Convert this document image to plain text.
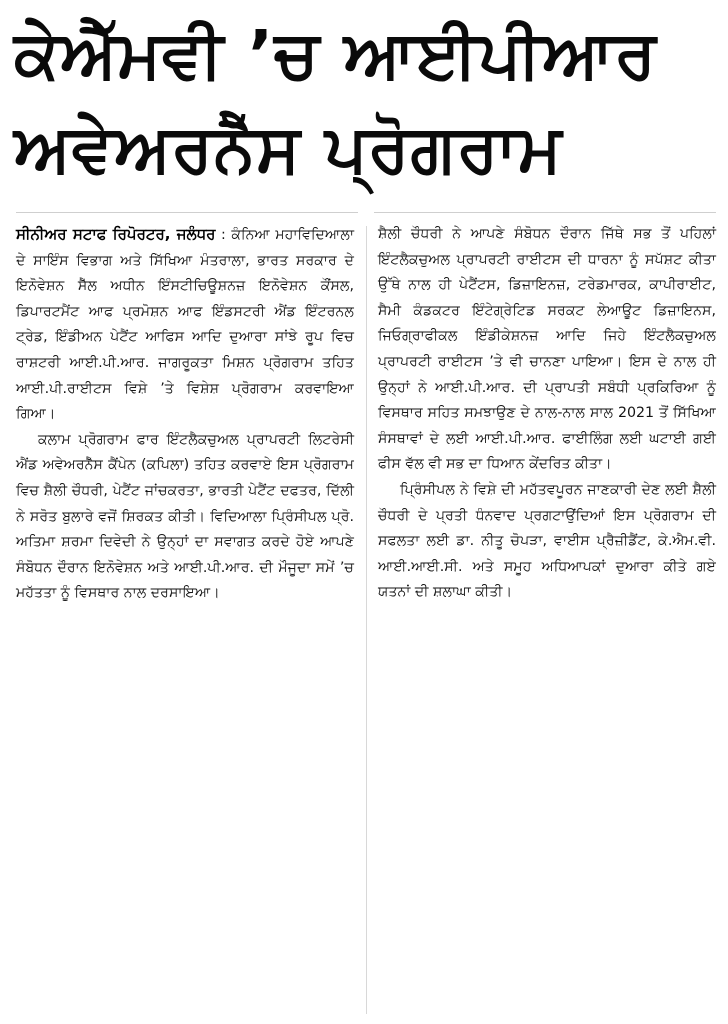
ਕੇਐੱਮਵੀ ’ਚ ਆਈਪੀਆਰ
ਅਵੇਅਰਨੈੱਸ ਪ੍ਰੋਗਰਾਮ

ਸੀਨੀਅਰ ਸਟਾਫ ਰਿਪੋਰਟਰ, ਜਲੰਧਰ : ਕੰਨਿਆ ਮਹਾਵਿਦਿਆਲਾ ਦੇ ਸਾਇੰਸ ਵਿਭਾਗ ਅਤੇ ਸਿੱਖਿਆ ਮੰਤਰਾਲਾ, ਭਾਰਤ ਸਰਕਾਰ ਦੇ ਇਨੋਵੇਸ਼ਨ ਸੈੱਲ ਅਧੀਨ ਇੰਸਟੀਚਿਊਸ਼ਨਜ਼ ਇਨੋਵੇਸ਼ਨ ਕੌਂਸਲ, ਡਿਪਾਰਟਮੈਂਟ ਆਫ ਪ੍ਰਮੋਸ਼ਨ ਆਫ ਇੰਡਸਟਰੀ ਐਂਡ ਇੰਟਰਨਲ ਟ੍ਰੇਡ, ਇੰਡੀਅਨ ਪੇਟੈਂਟ ਆਫਿਸ ਆਦਿ ਦੁਆਰਾ ਸਾਂਝੇ ਰੂਪ ਵਿਚ ਰਾਸ਼ਟਰੀ ਆਈ.ਪੀ.ਆਰ. ਜਾਗਰੂਕਤਾ ਮਿਸ਼ਨ ਪ੍ਰੋਗਰਾਮ ਤਹਿਤ ਆਈ.ਪੀ.ਰਾਈਟਸ ਵਿਸ਼ੇ ’ਤੇ ਵਿਸ਼ੇਸ਼ ਪ੍ਰੋਗਰਾਮ ਕਰਵਾਇਆ ਗਿਆ।

ਕਲਾਮ ਪ੍ਰੋਗਰਾਮ ਫਾਰ ਇੰਟਲੈਕਚੁਅਲ ਪ੍ਰਾਪਰਟੀ ਲਿਟਰੇਸੀ ਐਂਡ ਅਵੇਅਰਨੈੱਸ ਕੈਂਪੇਨ (ਕਪਿਲਾ) ਤਹਿਤ ਕਰਵਾਏ ਇਸ ਪ੍ਰੋਗਰਾਮ ਵਿਚ ਸ਼ੈਲੀ ਚੌਧਰੀ, ਪੇਟੈਂਟ ਜਾਂਚਕਰਤਾ, ਭਾਰਤੀ ਪੇਟੈਂਟ ਦਫਤਰ, ਦਿੱਲੀ ਨੇ ਸਰੋਤ ਬੁਲਾਰੇ ਵਜੋਂ ਸ਼ਿਰਕਤ ਕੀਤੀ। ਵਿਦਿਆਲਾ ਪ੍ਰਿੰਸੀਪਲ ਪ੍ਰੋ. ਅਤਿਮਾ ਸ਼ਰਮਾ ਦਿਵੇਦੀ ਨੇ ਉਨ੍ਹਾਂ ਦਾ ਸਵਾਗਤ ਕਰਦੇ ਹੋਏ ਆਪਣੇ ਸੰਬੋਧਨ ਦੌਰਾਨ ਇਨੋਵੇਸ਼ਨ ਅਤੇ ਆਈ.ਪੀ.ਆਰ. ਦੀ ਮੌਜੂਦਾ ਸਮੇਂ ’ਚ ਮਹੱਤਤਾ ਨੂੰ ਵਿਸਥਾਰ ਨਾਲ ਦਰਸਾਇਆ।

ਸ਼ੈਲੀ ਚੌਧਰੀ ਨੇ ਆਪਣੇ ਸੰਬੋਧਨ ਦੌਰਾਨ ਜਿੱਥੇ ਸਭ ਤੋਂ ਪਹਿਲਾਂ ਇੰਟਲੈਕਚੁਅਲ ਪ੍ਰਾਪਰਟੀ ਰਾਈਟਸ ਦੀ ਧਾਰਨਾ ਨੂੰ ਸਪੱਸ਼ਟ ਕੀਤਾ ਉੱਥੇ ਨਾਲ ਹੀ ਪੇਟੈਂਟਸ, ਡਿਜ਼ਾਇਨਜ਼, ਟਰੇਡਮਾਰਕ, ਕਾਪੀਰਾਈਟ, ਸੈਮੀ ਕੰਡਕਟਰ ਇੰਟੇਗ੍ਰੇਟਿਡ ਸਰਕਟ ਲੇਆਊਟ ਡਿਜ਼ਾਇਨਸ, ਜਿਓਗ੍ਰਾਫੀਕਲ ਇੰਡੀਕੇਸ਼ਨਜ਼ ਆਦਿ ਜਿਹੇ ਇੰਟਲੈਕਚੁਅਲ ਪ੍ਰਾਪਰਟੀ ਰਾਈਟਸ ’ਤੇ ਵੀ ਚਾਨਣਾ ਪਾਇਆ। ਇਸ ਦੇ ਨਾਲ ਹੀ ਉਨ੍ਹਾਂ ਨੇ ਆਈ.ਪੀ.ਆਰ. ਦੀ ਪ੍ਰਾਪਤੀ ਸਬੰਧੀ ਪ੍ਰਕਿਰਿਆ ਨੂੰ ਵਿਸਥਾਰ ਸਹਿਤ ਸਮਝਾਉਣ ਦੇ ਨਾਲ-ਨਾਲ ਸਾਲ 2021 ਤੋਂ ਸਿੱਖਿਆ ਸੰਸਥਾਵਾਂ ਦੇ ਲਈ ਆਈ.ਪੀ.ਆਰ. ਫਾਈਲਿੰਗ ਲਈ ਘਟਾਈ ਗਈ ਫੀਸ ਵੱਲ ਵੀ ਸਭ ਦਾ ਧਿਆਨ ਕੇਂਦਰਿਤ ਕੀਤਾ।

ਪ੍ਰਿੰਸੀਪਲ ਨੇ ਵਿਸ਼ੇ ਦੀ ਮਹੱਤਵਪੂਰਨ ਜਾਣਕਾਰੀ ਦੇਣ ਲਈ ਸ਼ੈਲੀ ਚੌਧਰੀ ਦੇ ਪ੍ਰਤੀ ਧੰਨਵਾਦ ਪ੍ਰਗਟਾਉਂਦਿਆਂ ਇਸ ਪ੍ਰੋਗਰਾਮ ਦੀ ਸਫਲਤਾ ਲਈ ਡਾ. ਨੀਤੂ ਚੋਪੜਾ, ਵਾਈਸ ਪ੍ਰੈਜ਼ੀਡੈਂਟ, ਕੇ.ਐਮ.ਵੀ. ਆਈ.ਆਈ.ਸੀ. ਅਤੇ ਸਮੂਹ ਅਧਿਆਪਕਾਂ ਦੁਆਰਾ ਕੀਤੇ ਗਏ ਯਤਨਾਂ ਦੀ ਸ਼ਲਾਘਾ ਕੀਤੀ।
